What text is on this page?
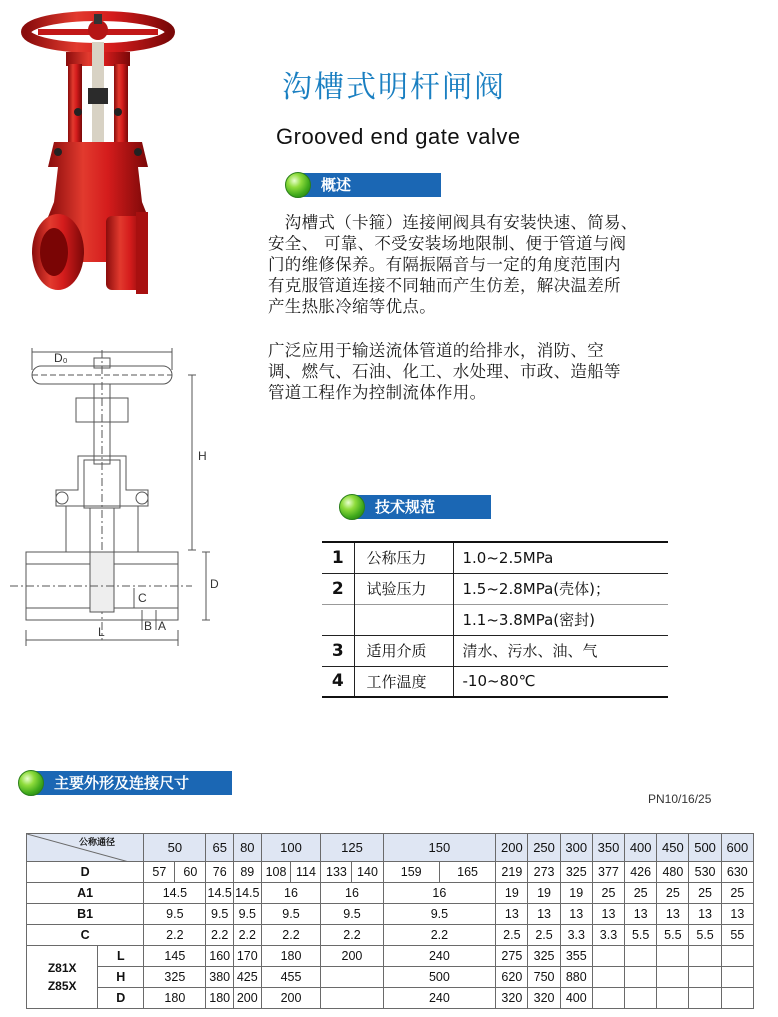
沟槽式明杆闸阀
Grooved end gate valve
概述
　沟槽式（卡箍）连接闸阀具有安装快速、简易、
安全、 可靠、不受安装场地限制、便于管道与阀
门的维修保养。有隔振隔音与一定的角度范围内
有克服管道连接不同轴而产生仿差，解决温差所
产生热胀冷缩等优点。
广泛应用于输送流体管道的给排水，消防、空
调、燃气、石油、化工、水处理、市政、造船等
管道工程作为控制流体作用。
D₀
H
D
C
B A
L
技术规范
1	公称压力	1.0~2.5MPa
2	试验压力	1.5~2.8MPa(壳体)；
		1.1~3.8MPa(密封)
3	适用介质	清水、污水、油、气
4	工作温度	-10~80℃
主要外形及连接尺寸
PN10/16/25
公称通径		50		65	80	100		125		150		200	250	300	350	400	450	500	600
D		57	60	76	89	108	114	133	140	159	165	219	273	325	377	426	480	530	630
A1		14.5		14.5	14.5	16		16		16		19	19	19	25	25	25	25	25
B1		9.5		9.5	9.5	9.5		9.5		9.5		13	13	13	13	13	13	13	13
C		2.2		2.2	2.2	2.2		2.2		2.2		2.5	2.5	3.3	3.3	5.5	5.5	5.5	55

Z81X
Z85X	L	145		160	170	180		200		240		275	325	355					
	H	325		380	425	455				500		620	750	880					
	D	180		180	200	200				240		320	320	400					
